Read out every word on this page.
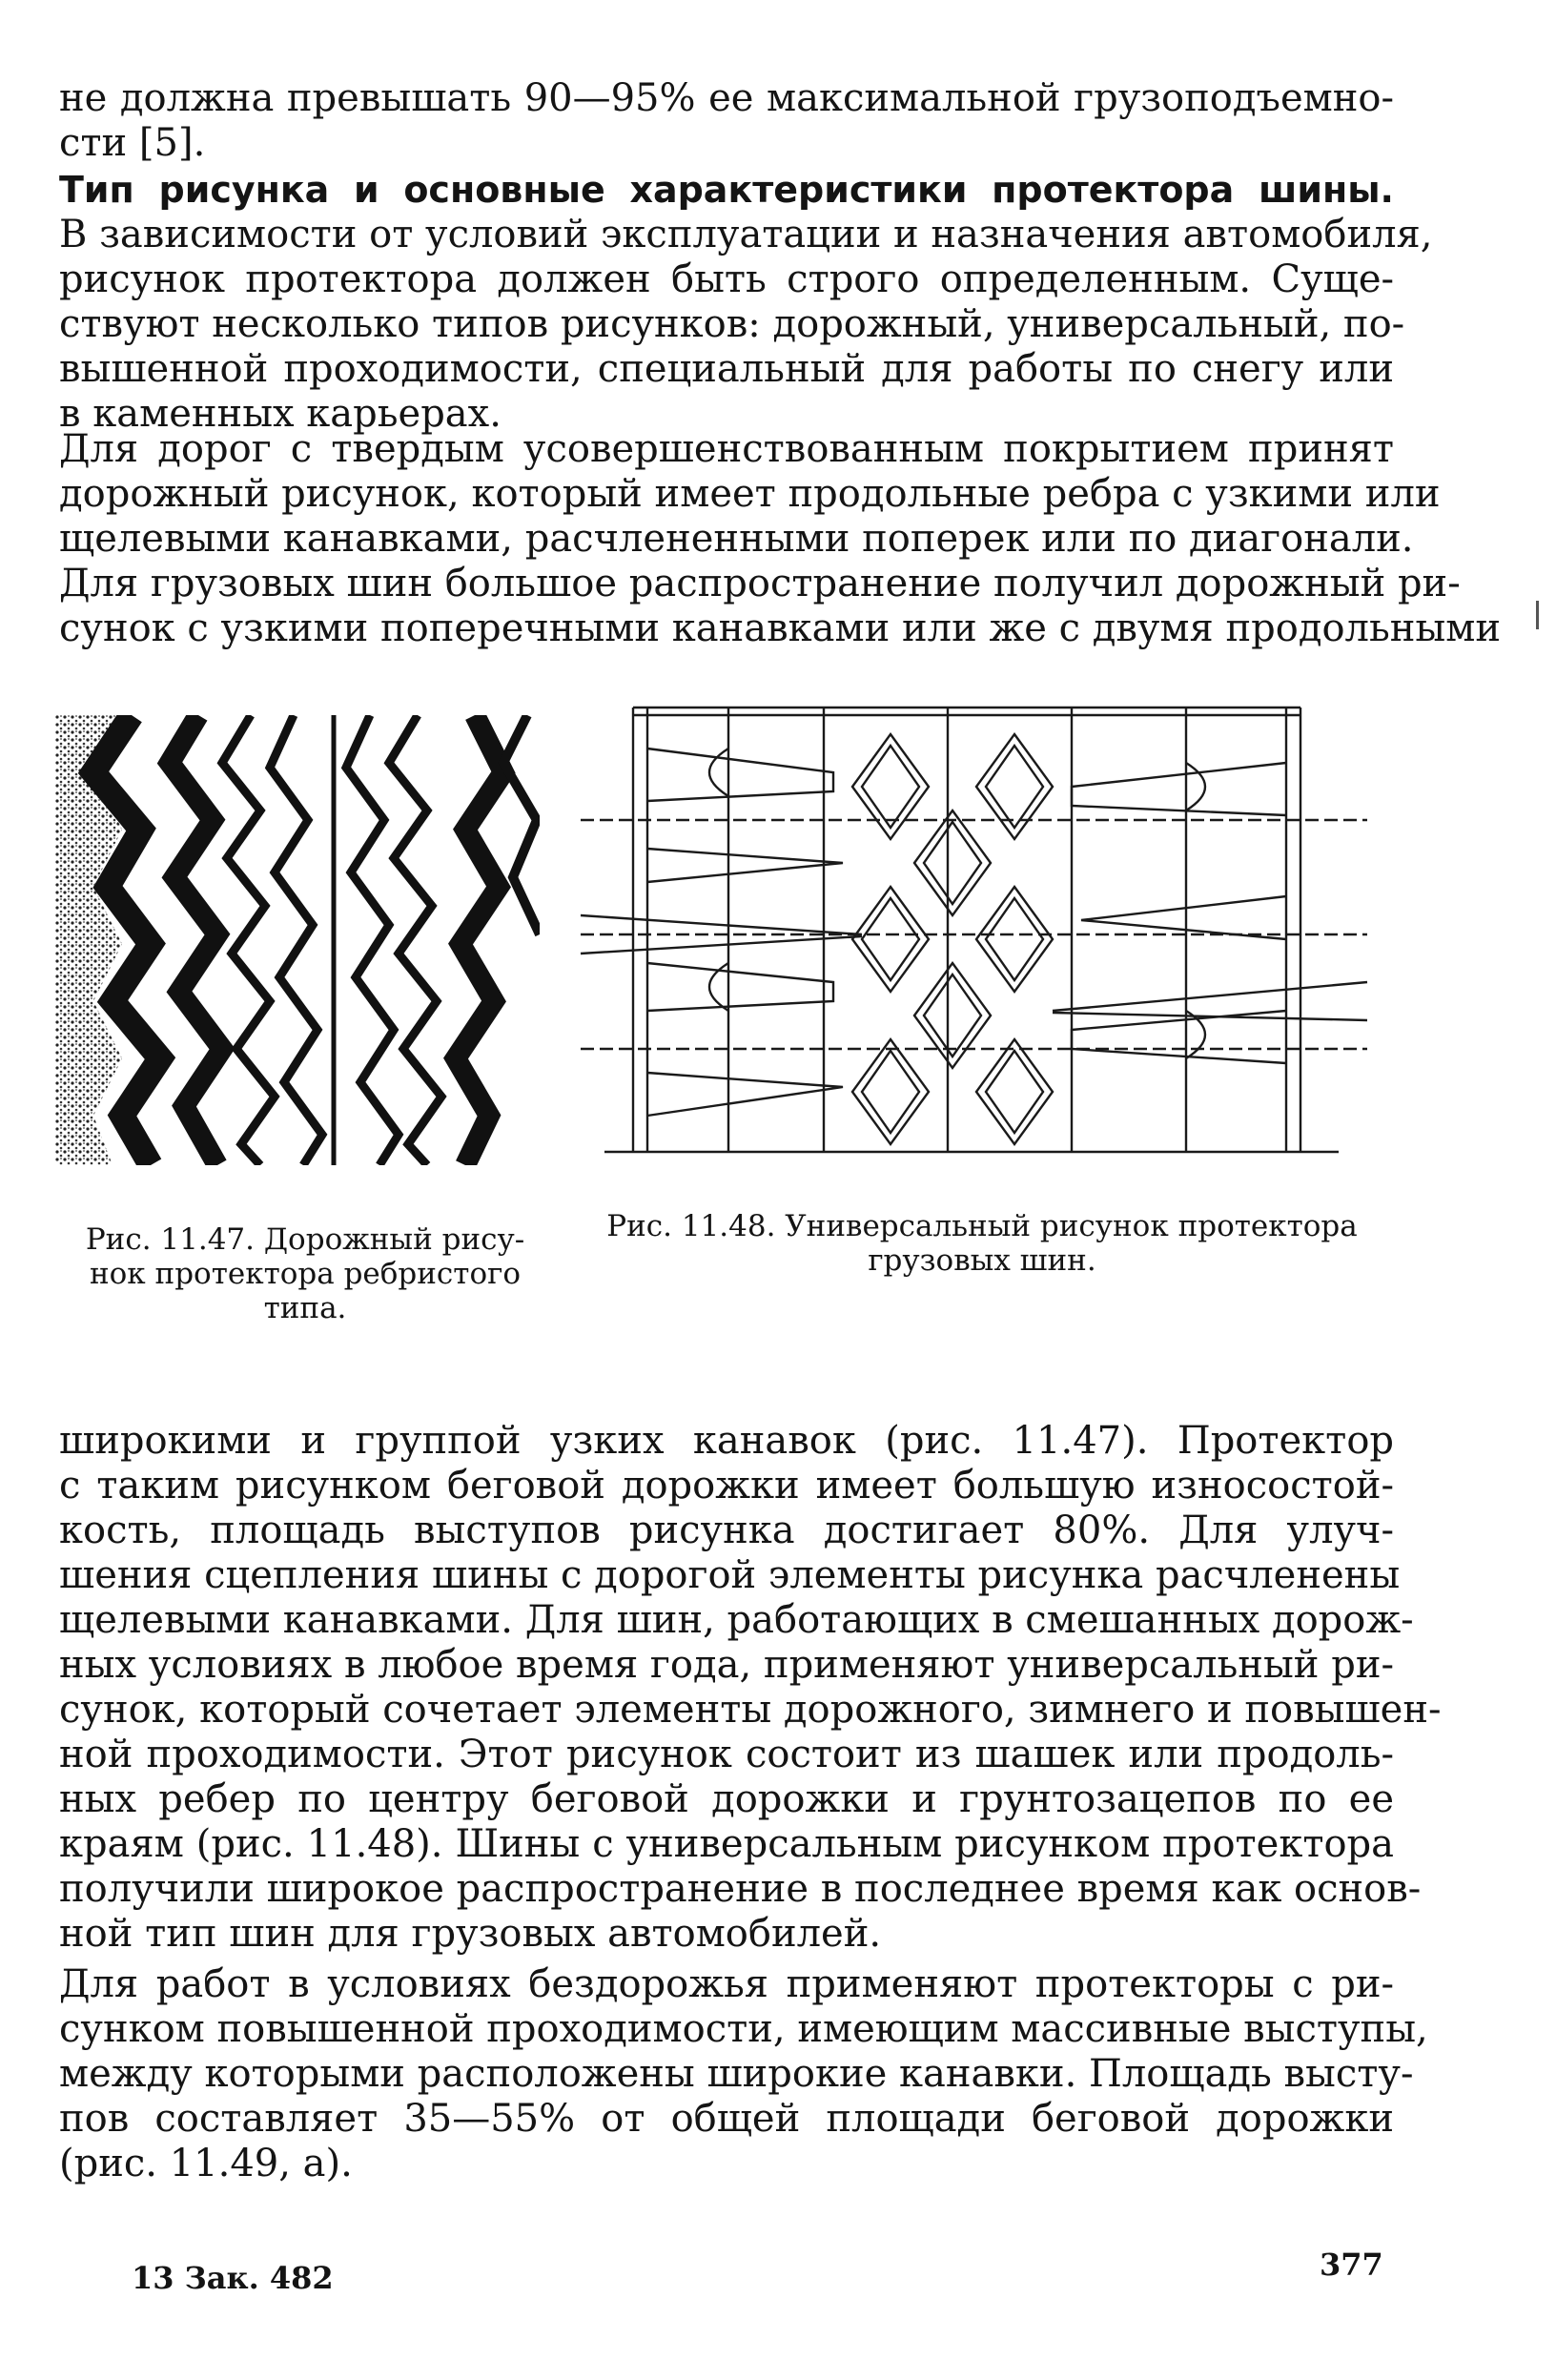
не должна превышать 90—95% ее максимальной грузоподъемно-
сти [5].
Тип рисунка и основные характеристики протектора шины.
В зависимости от условий эксплуатации и назначения автомобиля,
рисунок протектора должен быть строго определенным. Суще-
ствуют несколько типов рисунков: дорожный, универсальный, по-
вышенной проходимости, специальный для работы по снегу или
в каменных карьерах.
Для дорог с твердым усовершенствованным покрытием принят
дорожный рисунок, который имеет продольные ребра с узкими или
щелевыми канавками, расчлененными поперек или по диагонали.
Для грузовых шин большое распространение получил дорожный ри-
сунок с узкими поперечными канавками или же с двумя продольными
Рис. 11.47. Дорожный рису-
нок протектора ребристого
типа.
Рис. 11.48. Универсальный рисунок протектора
грузовых шин.
широкими и группой узких канавок (рис. 11.47). Протектор
с таким рисунком беговой дорожки имеет большую износостой-
кость, площадь выступов рисунка достигает 80%. Для улуч-
шения сцепления шины с дорогой элементы рисунка расчленены
щелевыми канавками. Для шин, работающих в смешанных дорож-
ных условиях в любое время года, применяют универсальный ри-
сунок, который сочетает элементы дорожного, зимнего и повышен-
ной проходимости. Этот рисунок состоит из шашек или продоль-
ных ребер по центру беговой дорожки и грунтозацепов по ее
краям (рис. 11.48). Шины с универсальным рисунком протектора
получили широкое распространение в последнее время как основ-
ной тип шин для грузовых автомобилей.
Для работ в условиях бездорожья применяют протекторы с ри-
сунком повышенной проходимости, имеющим массивные выступы,
между которыми расположены широкие канавки. Площадь высту-
пов составляет 35—55% от общей площади беговой дорожки
(рис. 11.49, а).
13 Зак. 482	377
